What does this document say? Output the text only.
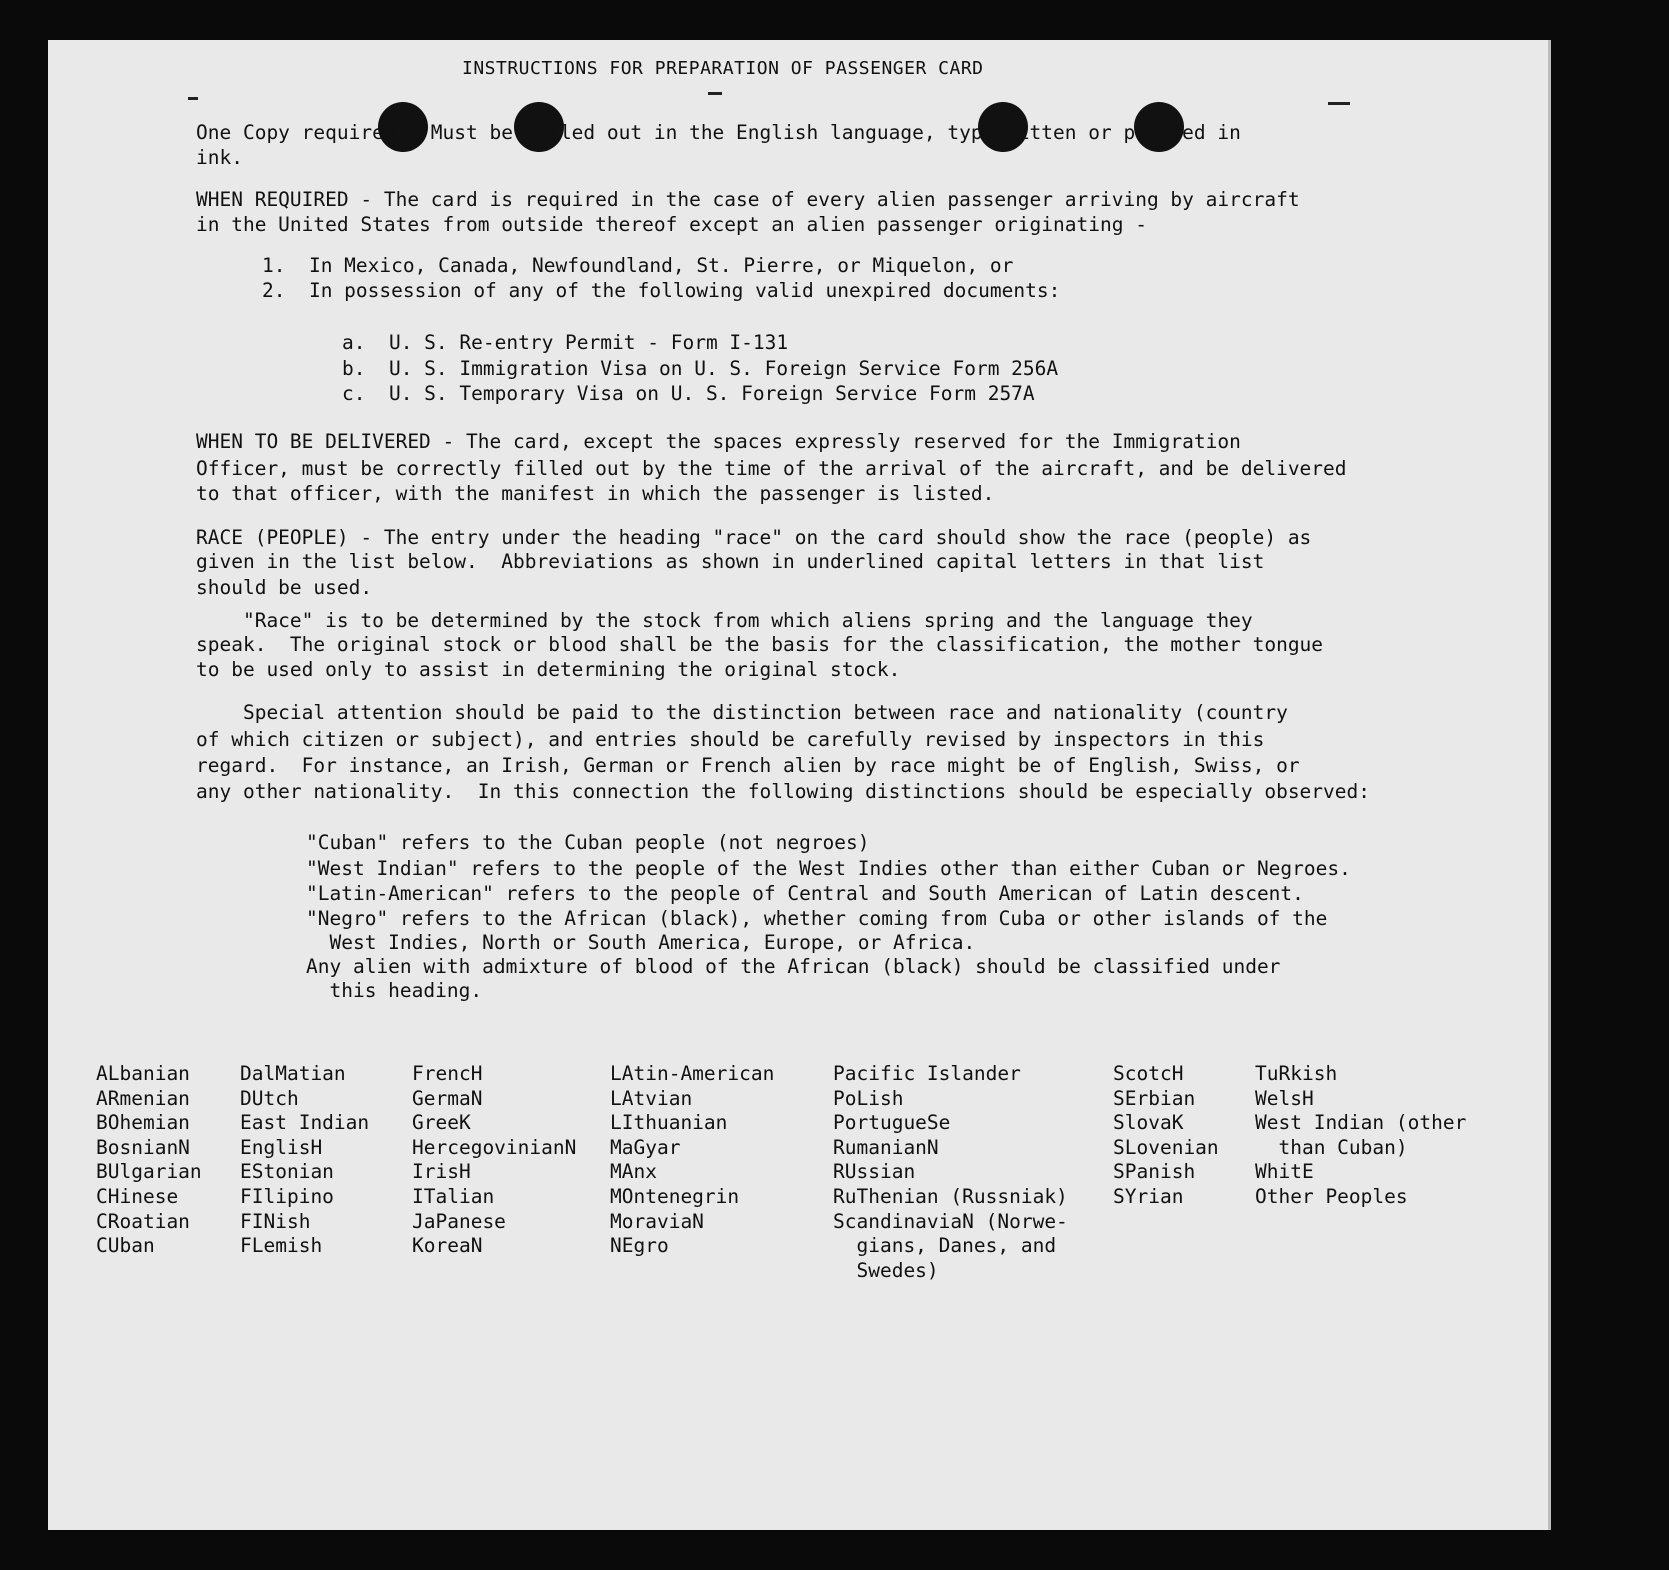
INSTRUCTIONS FOR PREPARATION OF PASSENGER CARD
One Copy required.  Must be filled out in the English language, typewritten or printed in
ink.
WHEN REQUIRED - The card is required in the case of every alien passenger arriving by aircraft
in the United States from outside thereof except an alien passenger originating -
1.  In Mexico, Canada, Newfoundland, St. Pierre, or Miquelon, or
2.  In possession of any of the following valid unexpired documents:
a.  U. S. Re-entry Permit - Form I-131
b.  U. S. Immigration Visa on U. S. Foreign Service Form 256A
c.  U. S. Temporary Visa on U. S. Foreign Service Form 257A
WHEN TO BE DELIVERED - The card, except the spaces expressly reserved for the Immigration
Officer, must be correctly filled out by the time of the arrival of the aircraft, and be delivered
to that officer, with the manifest in which the passenger is listed.
RACE (PEOPLE) - The entry under the heading "race" on the card should show the race (people) as
given in the list below.  Abbreviations as shown in underlined capital letters in that list
should be used.
"Race" is to be determined by the stock from which aliens spring and the language they
speak.  The original stock or blood shall be the basis for the classification, the mother tongue
to be used only to assist in determining the original stock.
Special attention should be paid to the distinction between race and nationality (country
of which citizen or subject), and entries should be carefully revised by inspectors in this
regard.  For instance, an Irish, German or French alien by race might be of English, Swiss, or
any other nationality.  In this connection the following distinctions should be especially observed:
"Cuban" refers to the Cuban people (not negroes)
"West Indian" refers to the people of the West Indies other than either Cuban or Negroes.
"Latin-American" refers to the people of Central and South American of Latin descent.
"Negro" refers to the African (black), whether coming from Cuba or other islands of the
West Indies, North or South America, Europe, or Africa.
Any alien with admixture of blood of the African (black) should be classified under
this heading.
ALbanian
ARmenian
BOhemian
BosnianN
BUlgarian
CHinese
CRoatian
CUban
DalMatian
DUtch
East Indian
EnglisH
EStonian
FIlipino
FINish
FLemish
FrencH
GermaN
GreeK
HercegovinianN
IrisH
ITalian
JaPanese
KoreaN
LAtin-American
LAtvian
LIthuanian
MaGyar
MAnx
MOntenegrin
MoraviaN
NEgro
Pacific Islander
PoLish
PortugueSe
RumanianN
RUssian
RuThenian (Russniak)
ScandinaviaN (Norwe-
gians, Danes, and
Swedes)
ScotcH
SErbian
SlovaK
SLovenian
SPanish
SYrian
TuRkish
WelsH
West Indian (other
than Cuban)
WhitE
Other Peoples
